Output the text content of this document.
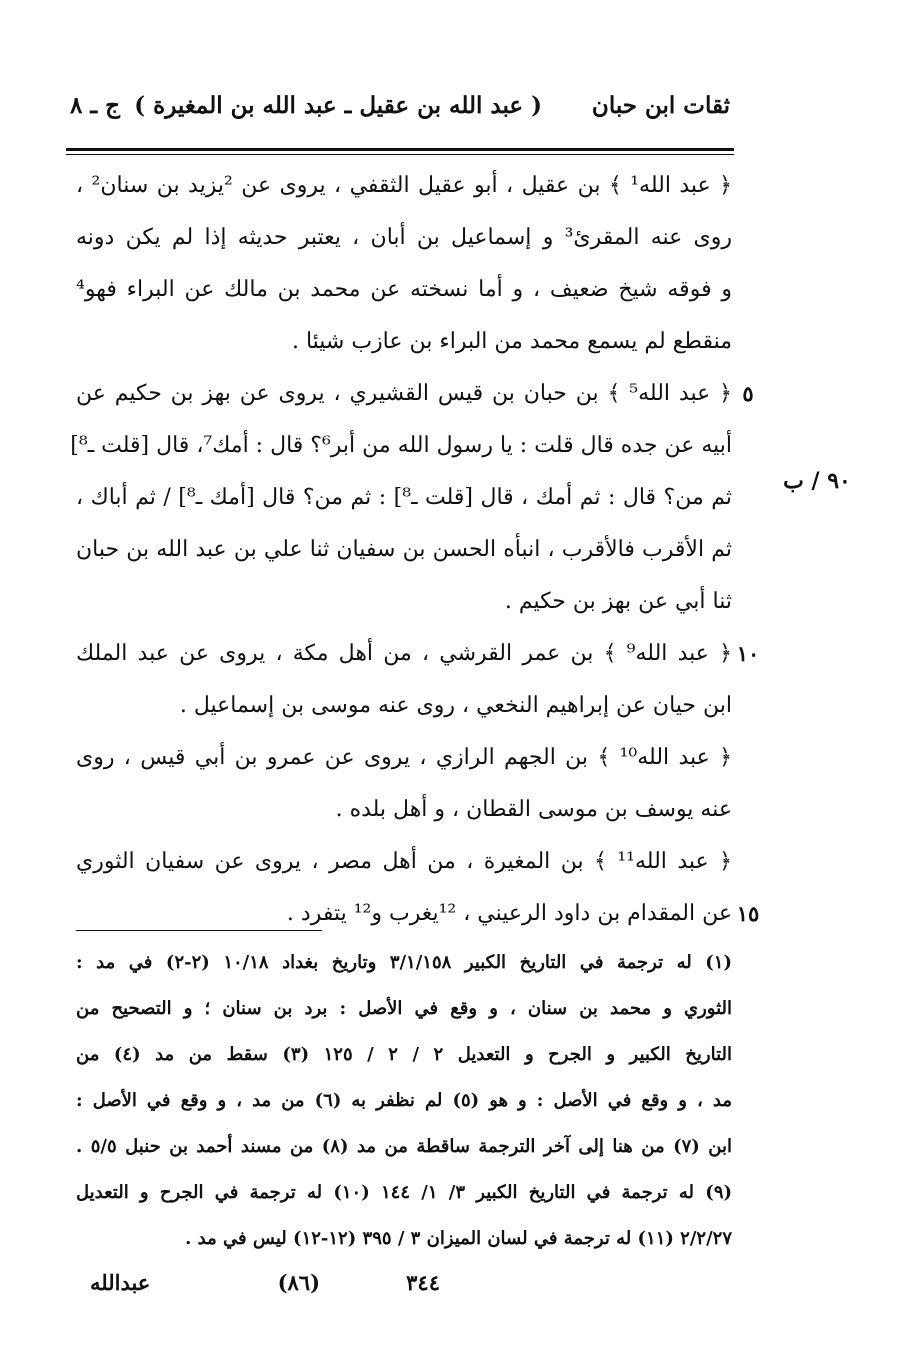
ثقات ابن حبان
( عبد الله بن عقيل ـ عبد الله بن المغيرة )
ج ـ ٨
﴿ عبد الله¹ ﴾ بن عقيل ، أبو عقيل الثقفي ، يروى عن ²يزيد بن سنان² ،
روى عنه المقرئ³ و إسماعيل بن أبان ، يعتبر حديثه إذا لم يكن دونه
و فوقه شيخ ضعيف ، و أما نسخته عن محمد بن مالك عن البراء فهو⁴
منقطع لم يسمع محمد من البراء بن عازب شيئا .
﴿ عبد الله⁵ ﴾ بن حبان بن قيس القشيري ، يروى عن بهز بن حكيم عن
أبيه عن جده قال قلت : يا رسول الله من أبر⁶؟ قال : أمك⁷، قال [قلت ـ⁸]
ثم من؟ قال : ثم أمك ، قال [قلت ـ⁸] : ثم من؟ قال [أمك ـ⁸] / ثم أباك ،
ثم الأقرب فالأقرب ، انبأه الحسن بن سفيان ثنا علي بن عبد الله بن حبان
ثنا أبي عن بهز بن حكيم .
﴿ عبد الله⁹ ﴾ بن عمر القرشي ، من أهل مكة ، يروى عن عبد الملك
ابن حيان عن إبراهيم النخعي ، روى عنه موسى بن إسماعيل .
﴿ عبد الله¹⁰ ﴾ بن الجهم الرازي ، يروى عن عمرو بن أبي قيس ، روى
عنه يوسف بن موسى القطان ، و أهل بلده .
﴿ عبد الله¹¹ ﴾ بن المغيرة ، من أهل مصر ، يروى عن سفيان الثوري
عن المقدام بن داود الرعيني ، ¹²يغرب و¹² يتفرد .
٥
١٠
١٥
٩٠ / ب
(١) له ترجمة في التاريخ الكبير ٣/١/١٥٨ وتاريخ بغداد ١٠/١٨ (٢-٢) في مد :
الثوري و محمد بن سنان ، و وقع في الأصل : برد بن سنان ؛ و التصحيح من
التاريخ الكبير و الجرح و التعديل ٢ / ٢ / ١٢٥ (٣) سقط من مد (٤) من
مد ، و وقع في الأصل : و هو (٥) لم نظفر به (٦) من مد ، و وقع في الأصل :
ابن (٧) من هنا إلى آخر الترجمة ساقطة من مد (٨) من مسند أحمد بن حنبل ٥/٥ .
(٩) له ترجمة في التاريخ الكبير ٣/ ١/ ١٤٤ (١٠) له ترجمة في الجرح و التعديل
٢/٢/٢٧ (١١) له ترجمة في لسان الميزان ٣ / ٣٩٥ (١٢-١٢) ليس في مد .
٣٤٤
(٨٦)
عبدالله
